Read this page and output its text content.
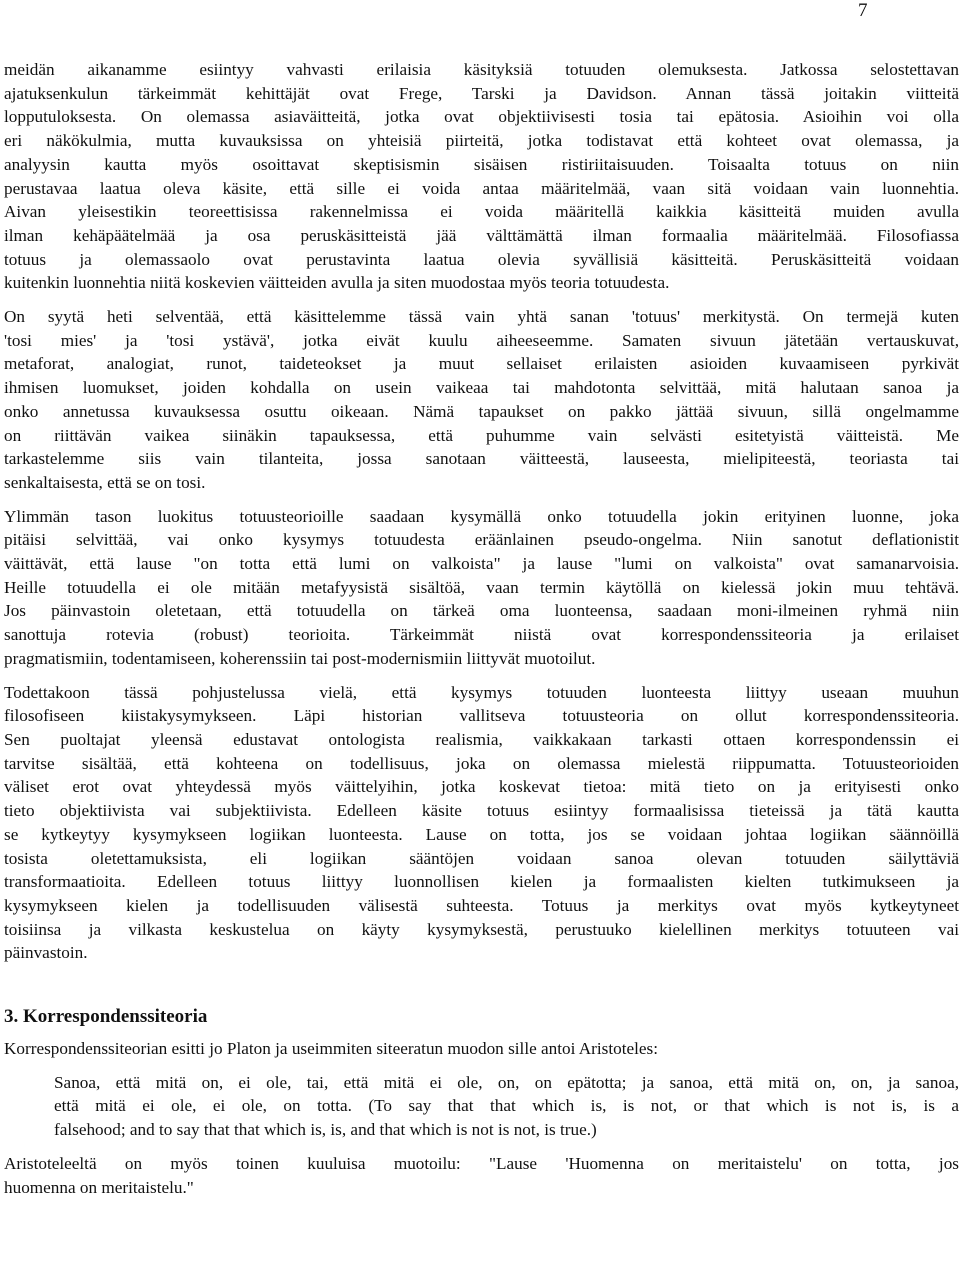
7
meidän aikanamme esiintyy vahvasti erilaisia käsityksiä totuuden olemuksesta. Jatkossa selostettavan
ajatuksenkulun tärkeimmät kehittäjät ovat Frege, Tarski ja Davidson. Annan tässä joitakin viitteitä
lopputuloksesta. On olemassa asiaväitteitä, jotka ovat objektiivisesti tosia tai epätosia. Asioihin voi olla
eri näkökulmia, mutta kuvauksissa on yhteisiä piirteitä, jotka todistavat että kohteet ovat olemassa, ja
analyysin kautta myös osoittavat skeptisismin sisäisen ristiriitaisuuden. Toisaalta totuus on niin
perustavaa laatua oleva käsite, että sille ei voida antaa määritelmää, vaan sitä voidaan vain luonnehtia.
Aivan yleisestikin teoreettisissa rakennelmissa ei voida määritellä kaikkia käsitteitä muiden avulla
ilman kehäpäätelmää ja osa peruskäsitteistä jää välttämättä ilman formaalia määritelmää. Filosofiassa
totuus ja olemassaolo ovat perustavinta laatua olevia syvällisiä käsitteitä. Peruskäsitteitä voidaan
kuitenkin luonnehtia niitä koskevien väitteiden avulla ja siten muodostaa myös teoria totuudesta.
On syytä heti selventää, että käsittelemme tässä vain yhtä sanan 'totuus' merkitystä. On termejä kuten
'tosi mies' ja 'tosi ystävä', jotka eivät kuulu aiheeseemme. Samaten sivuun jätetään vertauskuvat,
metaforat, analogiat, runot, taideteokset ja muut sellaiset erilaisten asioiden kuvaamiseen pyrkivät
ihmisen luomukset, joiden kohdalla on usein vaikeaa tai mahdotonta selvittää, mitä halutaan sanoa ja
onko annetussa kuvauksessa osuttu oikeaan. Nämä tapaukset on pakko jättää sivuun, sillä ongelmamme
on riittävän vaikea siinäkin tapauksessa, että puhumme vain selvästi esitetyistä väitteistä. Me
tarkastelemme siis vain tilanteita, jossa sanotaan väitteestä, lauseesta, mielipiteestä, teoriasta tai
senkaltaisesta, että se on tosi.
Ylimmän tason luokitus totuusteorioille saadaan kysymällä onko totuudella jokin erityinen luonne, joka
pitäisi selvittää, vai onko kysymys totuudesta eräänlainen pseudo-ongelma. Niin sanotut deflationistit
väittävät, että lause "on totta että lumi on valkoista" ja lause "lumi on valkoista" ovat samanarvoisia.
Heille totuudella ei ole mitään metafyysistä sisältöä, vaan termin käytöllä on kielessä jokin muu tehtävä.
Jos päinvastoin oletetaan, että totuudella on tärkeä oma luonteensa, saadaan moni-ilmeinen ryhmä niin
sanottuja rotevia (robust) teorioita. Tärkeimmät niistä ovat korrespondenssiteoria ja erilaiset
pragmatismiin, todentamiseen, koherenssiin tai post-modernismiin liittyvät muotoilut.
Todettakoon tässä pohjustelussa vielä, että kysymys totuuden luonteesta liittyy useaan muuhun
filosofiseen kiistakysymykseen. Läpi historian vallitseva totuusteoria on ollut korrespondenssiteoria.
Sen puoltajat yleensä edustavat ontologista realismia, vaikkakaan tarkasti ottaen korrespondenssin ei
tarvitse sisältää, että kohteena on todellisuus, joka on olemassa mielestä riippumatta. Totuusteorioiden
väliset erot ovat yhteydessä myös väittelyihin, jotka koskevat tietoa: mitä tieto on ja erityisesti onko
tieto objektiivista vai subjektiivista. Edelleen käsite totuus esiintyy formaalisissa tieteissä ja tätä kautta
se kytkeytyy kysymykseen logiikan luonteesta. Lause on totta, jos se voidaan johtaa logiikan säännöillä
tosista oletettamuksista, eli logiikan sääntöjen voidaan sanoa olevan totuuden säilyttäviä
transformaatioita. Edelleen totuus liittyy luonnollisen kielen ja formaalisten kielten tutkimukseen ja
kysymykseen kielen ja todellisuuden välisestä suhteesta. Totuus ja merkitys ovat myös kytkeytyneet
toisiinsa ja vilkasta keskustelua on käyty kysymyksestä, perustuuko kielellinen merkitys totuuteen vai
päinvastoin.
3. Korrespondenssiteoria
Korrespondenssiteorian esitti jo Platon ja useimmiten siteeratun muodon sille antoi Aristoteles:
Sanoa, että mitä on, ei ole, tai, että mitä ei ole, on, on epätotta; ja sanoa, että mitä on, on, ja sanoa,
että mitä ei ole, ei ole, on totta. (To say that that which is, is not, or that which is not is, is a
falsehood; and to say that that which is, is, and that which is not is not, is true.)
Aristoteleeltä on myös toinen kuuluisa muotoilu: "Lause 'Huomenna on meritaistelu' on totta, jos
huomenna on meritaistelu."
